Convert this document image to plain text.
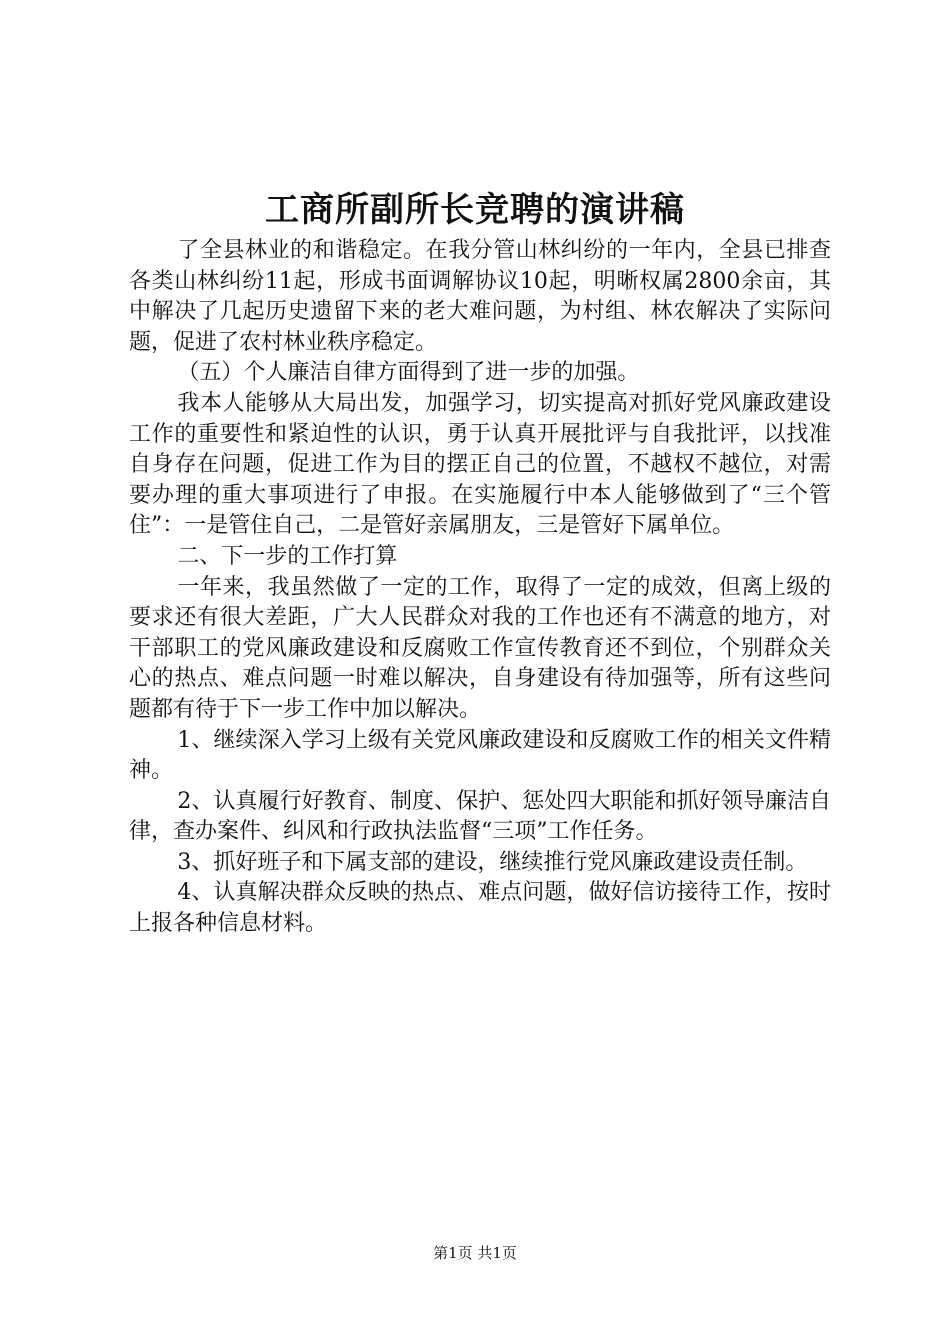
工商所副所长竞聘的演讲稿

了全县林业的和谐稳定。在我分管山林纠纷的一年内，全县已排查各类山林纠纷11起，形成书面调解协议10起，明晰权属2800余亩，其中解决了几起历史遗留下来的老大难问题，为村组、林农解决了实际问题，促进了农村林业秩序稳定。

（五）个人廉洁自律方面得到了进一步的加强。

我本人能够从大局出发，加强学习，切实提高对抓好党风廉政建设工作的重要性和紧迫性的认识，勇于认真开展批评与自我批评，以找准自身存在问题，促进工作为目的摆正自己的位置，不越权不越位，对需要办理的重大事项进行了申报。在实施履行中本人能够做到了“三个管住”：一是管住自己，二是管好亲属朋友，三是管好下属单位。

二、下一步的工作打算

一年来，我虽然做了一定的工作，取得了一定的成效，但离上级的要求还有很大差距，广大人民群众对我的工作也还有不满意的地方，对干部职工的党风廉政建设和反腐败工作宣传教育还不到位，个别群众关心的热点、难点问题一时难以解决，自身建设有待加强等，所有这些问题都有待于下一步工作中加以解决。

1、继续深入学习上级有关党风廉政建设和反腐败工作的相关文件精神。

2、认真履行好教育、制度、保护、惩处四大职能和抓好领导廉洁自律，查办案件、纠风和行政执法监督“三项”工作任务。

3、抓好班子和下属支部的建设，继续推行党风廉政建设责任制。

4、认真解决群众反映的热点、难点问题，做好信访接待工作，按时上报各种信息材料。

第1页 共1页
